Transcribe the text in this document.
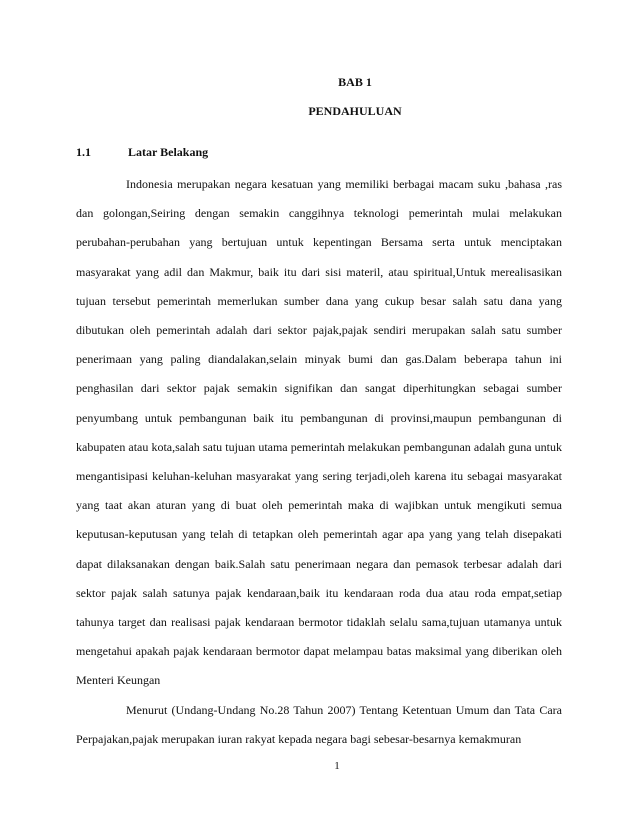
BAB 1
PENDAHULUAN
1.1	Latar Belakang

Indonesia merupakan negara kesatuan yang memiliki berbagai macam suku ,bahasa ,ras dan golongan,Seiring dengan semakin canggihnya teknologi pemerintah mulai melakukan perubahan-perubahan yang bertujuan untuk kepentingan Bersama serta untuk menciptakan masyarakat yang adil dan Makmur, baik itu dari sisi materil, atau spiritual,Untuk merealisasikan tujuan tersebut pemerintah memerlukan sumber dana yang cukup besar salah satu dana yang dibutukan oleh pemerintah adalah dari sektor pajak,pajak sendiri merupakan salah satu sumber penerimaan yang paling diandalakan,selain minyak bumi dan gas.Dalam beberapa tahun ini penghasilan dari sektor pajak semakin signifikan dan sangat diperhitungkan sebagai sumber penyumbang untuk pembangunan baik itu pembangunan di provinsi,maupun pembangunan di kabupaten atau kota,salah satu tujuan utama pemerintah melakukan pembangunan adalah guna untuk mengantisipasi keluhan-keluhan masyarakat yang sering terjadi,oleh karena itu sebagai masyarakat yang taat akan aturan yang di buat oleh pemerintah maka di wajibkan untuk mengikuti semua keputusan-keputusan yang telah di tetapkan oleh pemerintah agar apa yang yang telah disepakati dapat dilaksanakan dengan baik.Salah satu penerimaan negara dan pemasok terbesar adalah dari sektor pajak salah satunya pajak kendaraan,baik itu kendaraan roda dua atau roda empat,setiap tahunya target dan realisasi pajak kendaraan bermotor tidaklah selalu sama,tujuan utamanya untuk mengetahui apakah pajak kendaraan bermotor dapat melampau batas maksimal yang diberikan oleh Menteri Keungan

Menurut (Undang-Undang No.28 Tahun 2007) Tentang Ketentuan Umum dan Tata Cara Perpajakan,pajak merupakan iuran rakyat kepada negara bagi sebesar-besarnya kemakmuran

1
